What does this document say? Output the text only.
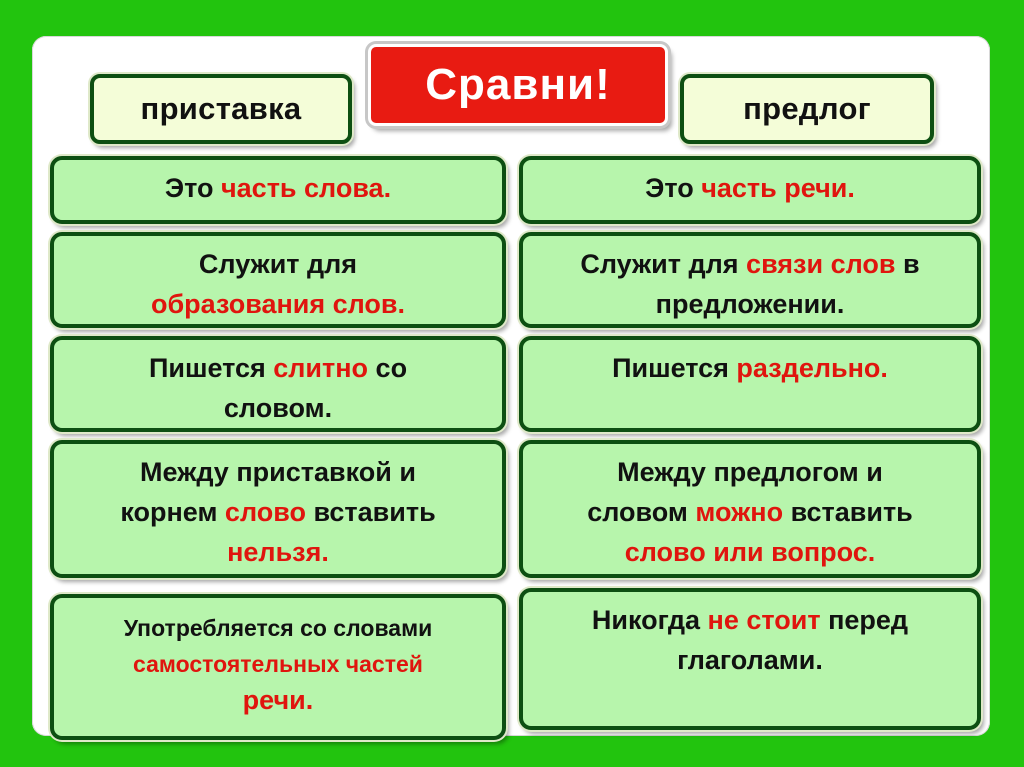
приставка	Сравни!	предлог
Это часть слова.
Служит для
образования слов.
Пишется слитно со
словом.
Между приставкой и
корнем слово вставить
нельзя.
Употребляется со словами
самостоятельных частей
речи.
Это часть речи.
Служит для связи слов в
предложении.
Пишется раздельно.
Между предлогом и
словом можно вставить
слово или вопрос.
Никогда не стоит перед
глаголами.
